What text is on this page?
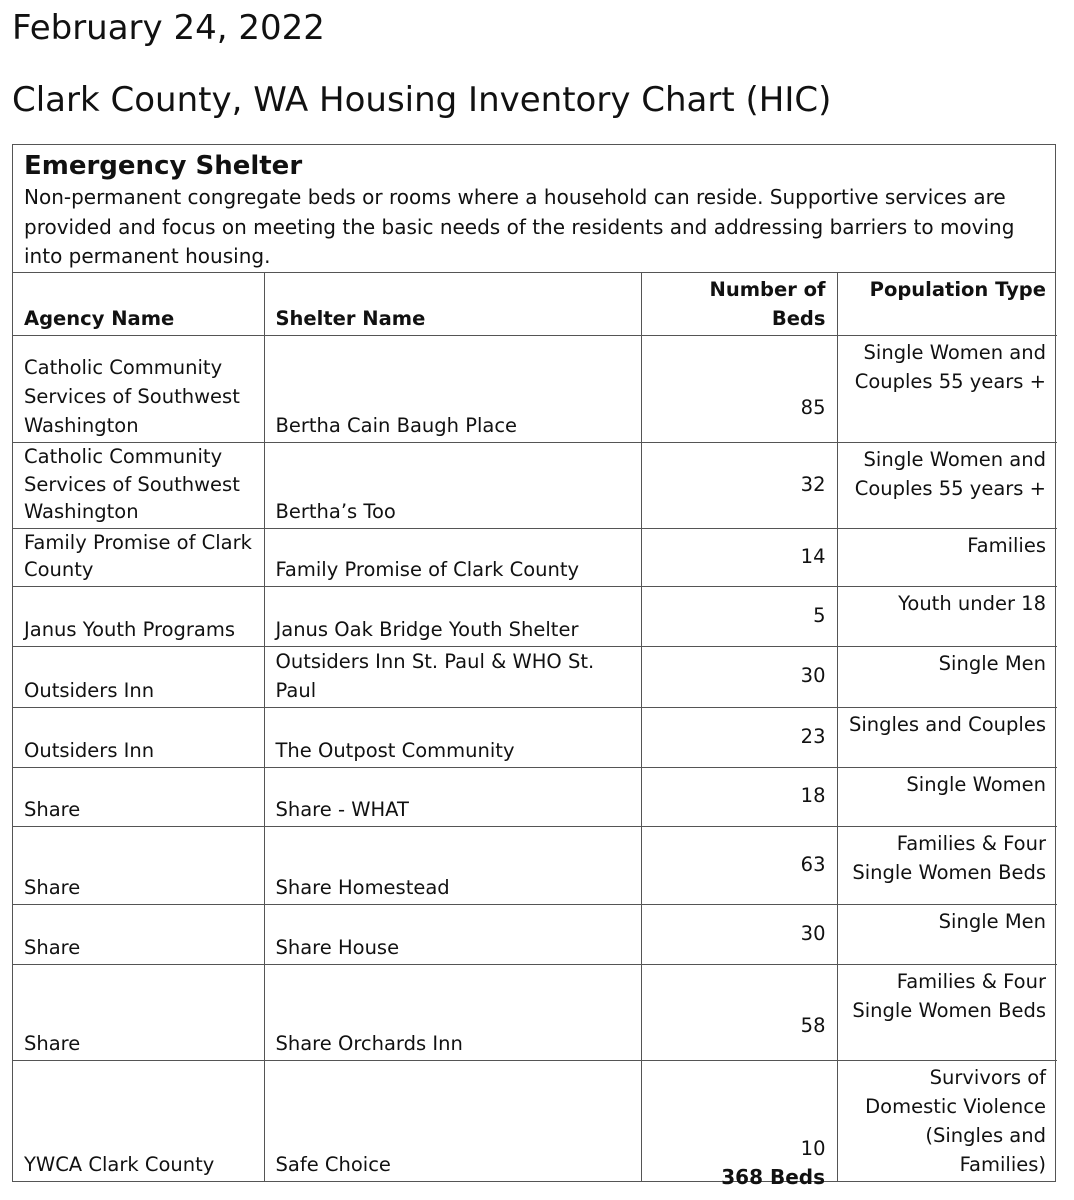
February 24, 2022
Clark County, WA Housing Inventory Chart (HIC)
Emergency Shelter
Non-permanent congregate beds or rooms where a household can reside. Supportive services are provided and focus on meeting the basic needs of the residents and addressing barriers to moving into permanent housing.
Agency Name	Shelter Name	Number of Beds	Population Type
Catholic Community Services of Southwest Washington	Bertha Cain Baugh Place	85	Single Women and Couples 55 years +
Catholic Community Services of Southwest Washington	Bertha’s Too	32	Single Women and Couples 55 years +
Family Promise of Clark County	Family Promise of Clark County	14	Families
Janus Youth Programs	Janus Oak Bridge Youth Shelter	5	Youth under 18
Outsiders Inn	Outsiders Inn St. Paul & WHO St. Paul	30	Single Men
Outsiders Inn	The Outpost Community	23	Singles and Couples
Share	Share - WHAT	18	Single Women
Share	Share Homestead	63	Families & Four Single Women Beds
Share	Share House	30	Single Men
Share	Share Orchards Inn	58	Families & Four Single Women Beds
YWCA Clark County	Safe Choice	10	Survivors of Domestic Violence (Singles and Families)
368 Beds
